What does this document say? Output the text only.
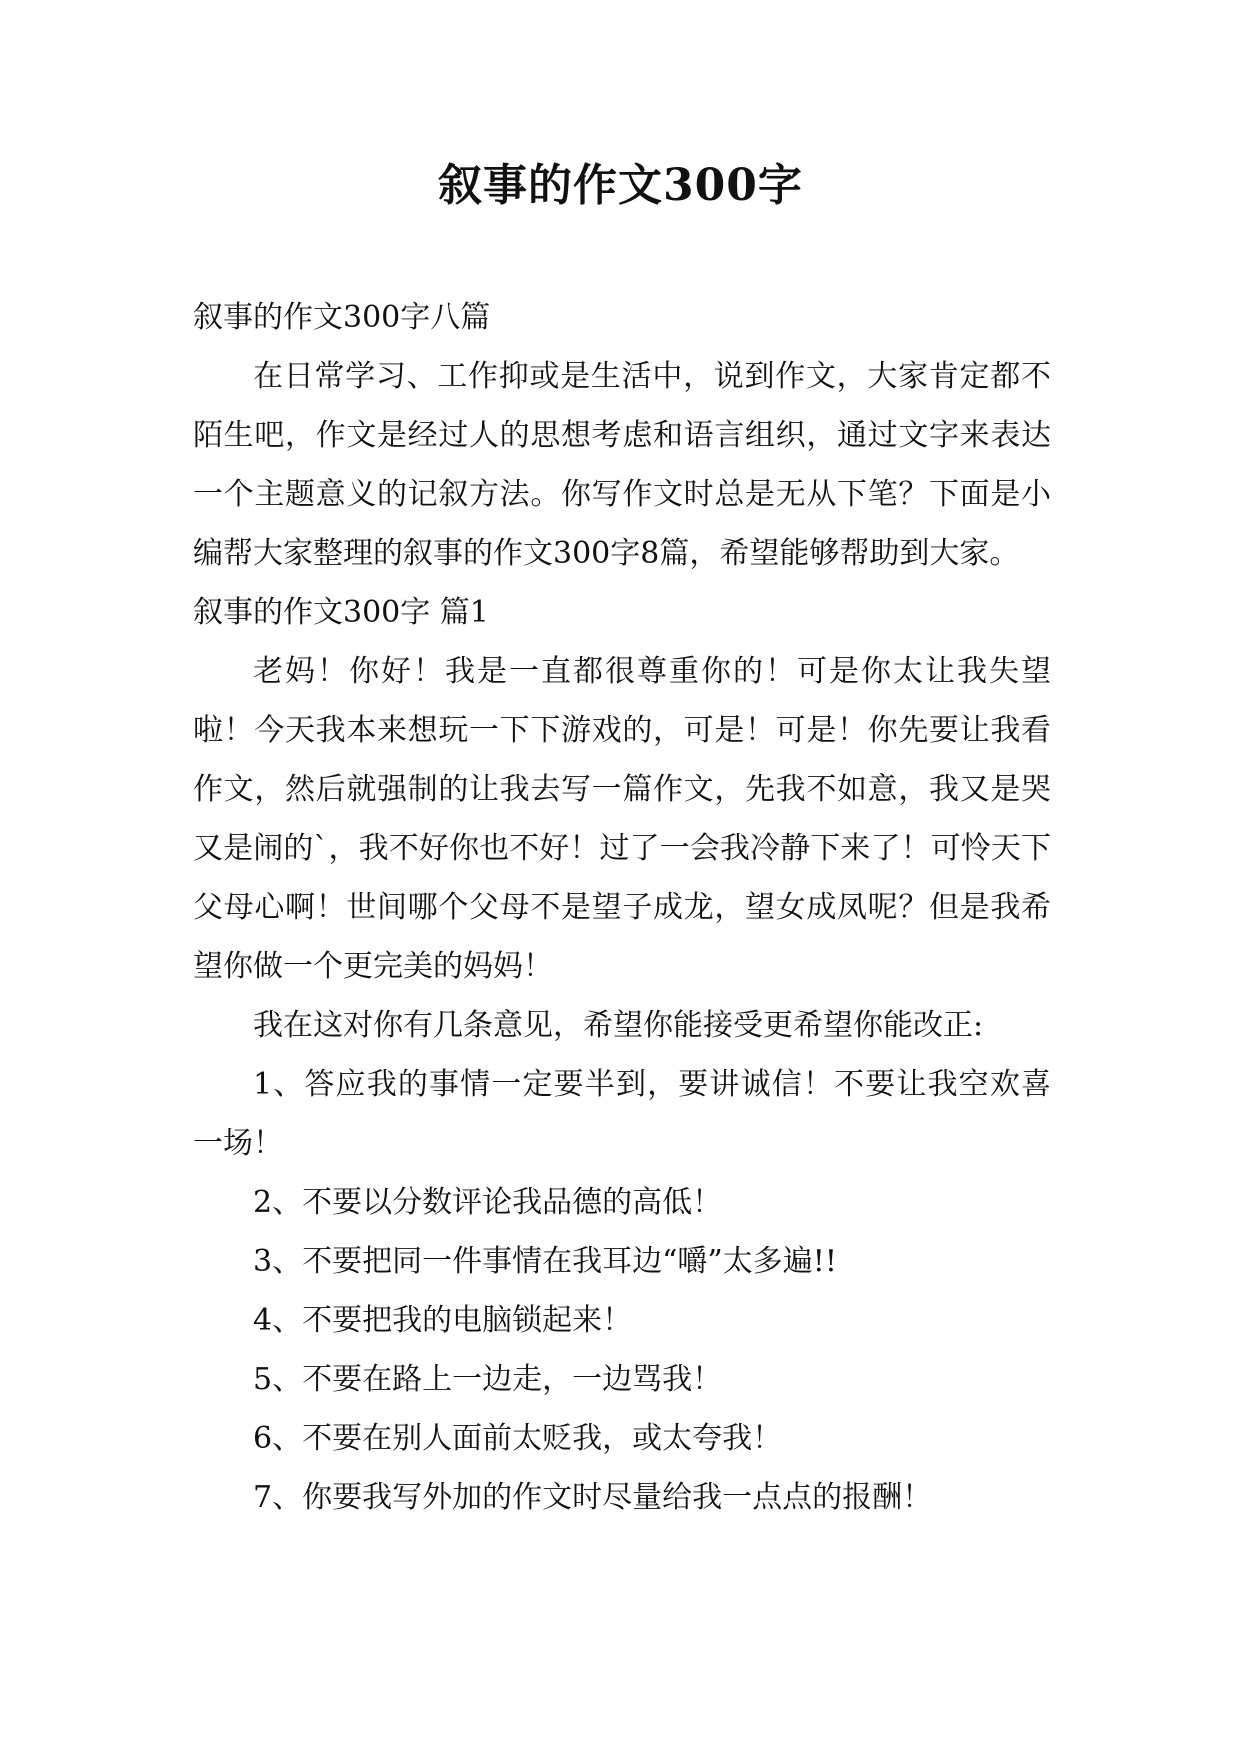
叙事的作文300字

叙事的作文300字八篇

在日常学习、工作抑或是生活中，说到作文，大家肯定都不陌生吧，作文是经过人的思想考虑和语言组织，通过文字来表达一个主题意义的记叙方法。你写作文时总是无从下笔？下面是小编帮大家整理的叙事的作文300字8篇，希望能够帮助到大家。

叙事的作文300字 篇1

老妈！你好！我是一直都很尊重你的！可是你太让我失望啦！今天我本来想玩一下下游戏的，可是！可是！你先要让我看作文，然后就强制的让我去写一篇作文，先我不如意，我又是哭又是闹的`，我不好你也不好！过了一会我冷静下来了！可怜天下父母心啊！世间哪个父母不是望子成龙，望女成凤呢？但是我希望你做一个更完美的妈妈！

我在这对你有几条意见，希望你能接受更希望你能改正:

1、答应我的事情一定要半到，要讲诚信！不要让我空欢喜一场！

2、不要以分数评论我品德的高低！

3、不要把同一件事情在我耳边“嚼”太多遍!!

4、不要把我的电脑锁起来！

5、不要在路上一边走，一边骂我！

6、不要在别人面前太贬我，或太夸我！

7、你要我写外加的作文时尽量给我一点点的报酬！
